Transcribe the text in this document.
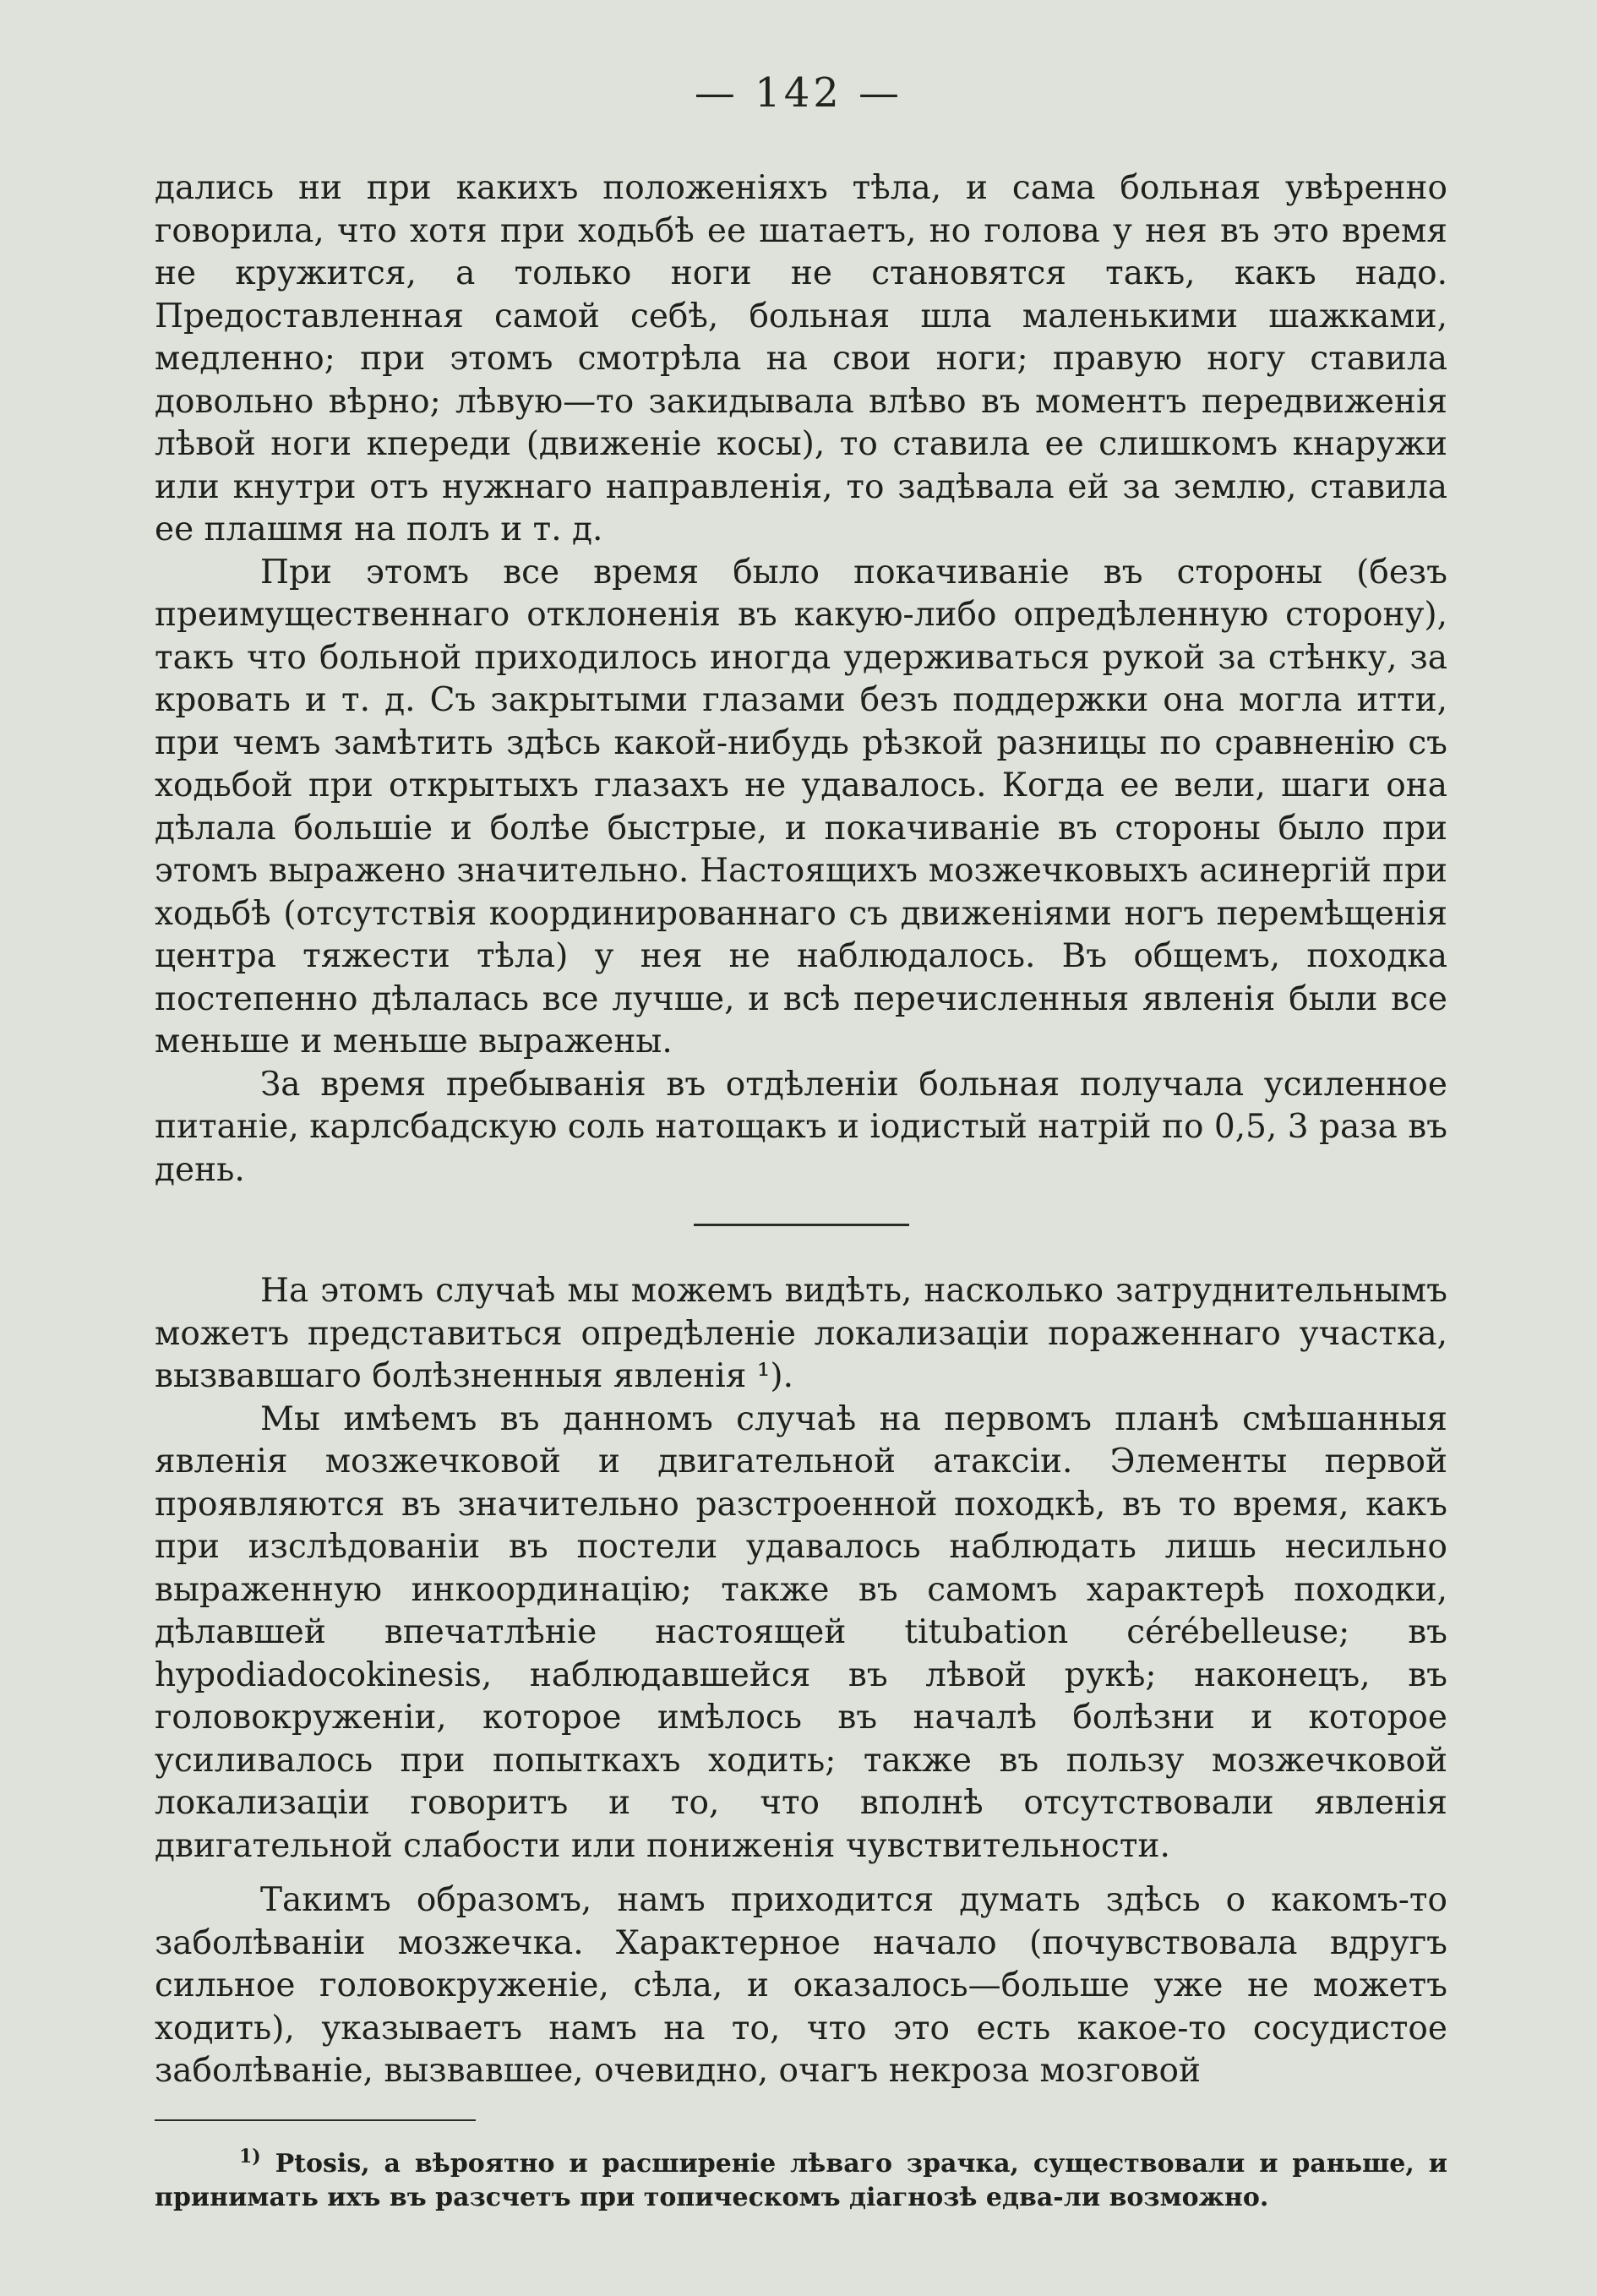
— 142 —

дались ни при какихъ положеніяхъ тѣла, и сама больная увѣренно говорила, что хотя при ходьбѣ ее шатаетъ, но голова у нея въ это время не кружится, а только ноги не становятся такъ, какъ надо. Предоставленная самой себѣ, больная шла маленькими шажками, медленно; при этомъ смотрѣла на свои ноги; правую ногу ставила довольно вѣрно; лѣвую—то закидывала влѣво въ моментъ передвиженія лѣвой ноги кпереди (движеніе косы), то ставила ее слишкомъ кнаружи или кнутри отъ нужнаго направленія, то задѣвала ей за землю, ставила ее плашмя на полъ и т. д.

При этомъ все время было покачиваніе въ стороны (безъ преимущественнаго отклоненія въ какую-либо опредѣленную сторону), такъ что больной приходилось иногда удерживаться рукой за стѣнку, за кровать и т. д. Съ закрытыми глазами безъ поддержки она могла итти, при чемъ замѣтить здѣсь какой-нибудь рѣзкой разницы по сравненію съ ходьбой при открытыхъ глазахъ не удавалось. Когда ее вели, шаги она дѣлала большіе и болѣе быстрые, и покачиваніе въ стороны было при этомъ выражено значительно. Настоящихъ мозжечковыхъ асинергій при ходьбѣ (отсутствія координированнаго съ движеніями ногъ перемѣщенія центра тяжести тѣла) у нея не наблюдалось. Въ общемъ, походка постепенно дѣлалась все лучше, и всѣ перечисленныя явленія были все меньше и меньше выражены.

За время пребыванія въ отдѣленіи больная получала усиленное питаніе, карлсбадскую соль натощакъ и іодистый натрій по 0,5, 3 раза въ день.

На этомъ случаѣ мы можемъ видѣть, насколько затруднительнымъ можетъ представиться опредѣленіе локализаціи пораженнаго участка, вызвавшаго болѣзненныя явленія ¹).

Мы имѣемъ въ данномъ случаѣ на первомъ планѣ смѣшанныя явленія мозжечковой и двигательной атаксіи. Элементы первой проявляются въ значительно разстроенной походкѣ, въ то время, какъ при изслѣдованіи въ постели удавалось наблюдать лишь несильно выраженную инкоординацію; также въ самомъ характерѣ походки, дѣлавшей впечатлѣніе настоящей titubation cérébelleuse; въ hypodiadocokinesis, наблюдавшейся въ лѣвой рукѣ; наконецъ, въ головокруженіи, которое имѣлось въ началѣ болѣзни и которое усиливалось при попыткахъ ходить; также въ пользу мозжечковой локализаціи говоритъ и то, что вполнѣ отсутствовали явленія двигательной слабости или пониженія чувствительности.

Такимъ образомъ, намъ приходится думать здѣсь о какомъ-то заболѣваніи мозжечка. Характерное начало (почувствовала вдругъ сильное головокруженіе, сѣла, и оказалось—больше уже не можетъ ходить), указываетъ намъ на то, что это есть какое-то сосудистое заболѣваніе, вызвавшее, очевидно, очагъ некроза мозговой

$^{1)}$ Ptosis, а вѣроятно и расширеніе лѣваго зрачка, существовали и раньше, и принимать ихъ въ разсчетъ при топическомъ діагнозѣ едва-ли возможно.
